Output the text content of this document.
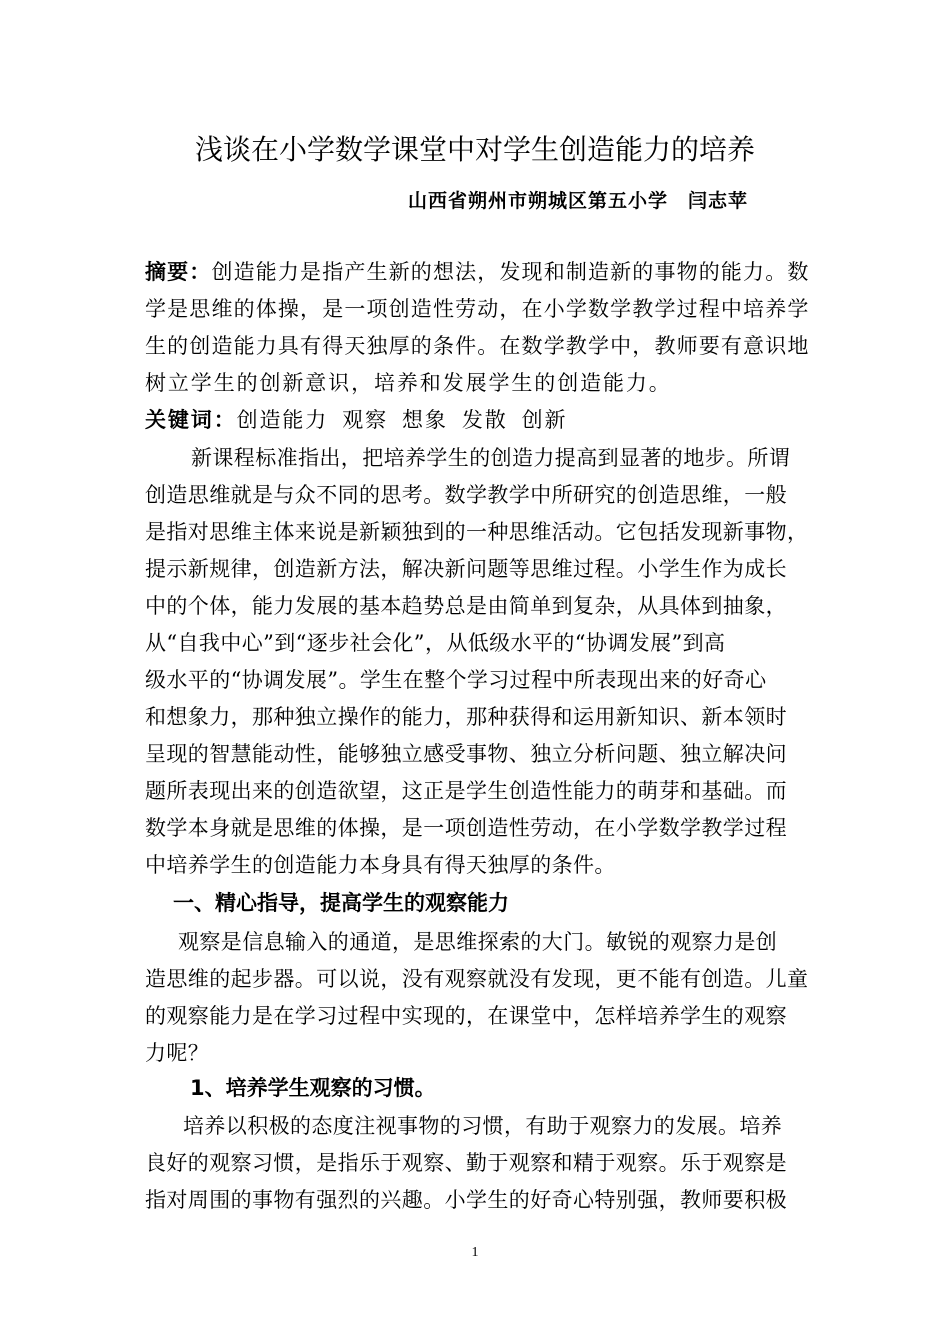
浅谈在小学数学课堂中对学生创造能力的培养
山西省朔州市朔城区第五小学 闫志苹
摘要：创造能力是指产生新的想法，发现和制造新的事物的能力。数
学是思维的体操，是一项创造性劳动，在小学数学教学过程中培养学
生的创造能力具有得天独厚的条件。在数学教学中，教师要有意识地
树立学生的创新意识，培养和发展学生的创造能力。
关键词：创造能力 观察 想象 发散 创新
新课程标准指出，把培养学生的创造力提高到显著的地步。所谓
创造思维就是与众不同的思考。数学教学中所研究的创造思维，一般
是指对思维主体来说是新颖独到的一种思维活动。它包括发现新事物，
提示新规律，创造新方法，解决新问题等思维过程。小学生作为成长
中的个体，能力发展的基本趋势总是由简单到复杂，从具体到抽象，
从“自我中心”到“逐步社会化”，从低级水平的“协调发展”到高
级水平的“协调发展”。学生在整个学习过程中所表现出来的好奇心
和想象力，那种独立操作的能力，那种获得和运用新知识、新本领时
呈现的智慧能动性，能够独立感受事物、独立分析问题、独立解决问
题所表现出来的创造欲望，这正是学生创造性能力的萌芽和基础。而
数学本身就是思维的体操，是一项创造性劳动，在小学数学教学过程
中培养学生的创造能力本身具有得天独厚的条件。
一、精心指导，提高学生的观察能力
观察是信息输入的通道，是思维探索的大门。敏锐的观察力是创
造思维的起步器。可以说，没有观察就没有发现，更不能有创造。儿童
的观察能力是在学习过程中实现的，在课堂中，怎样培养学生的观察
力呢？
1、培养学生观察的习惯。
培养以积极的态度注视事物的习惯，有助于观察力的发展。培养
良好的观察习惯，是指乐于观察、勤于观察和精于观察。乐于观察是
指对周围的事物有强烈的兴趣。小学生的好奇心特别强，教师要积极
1
